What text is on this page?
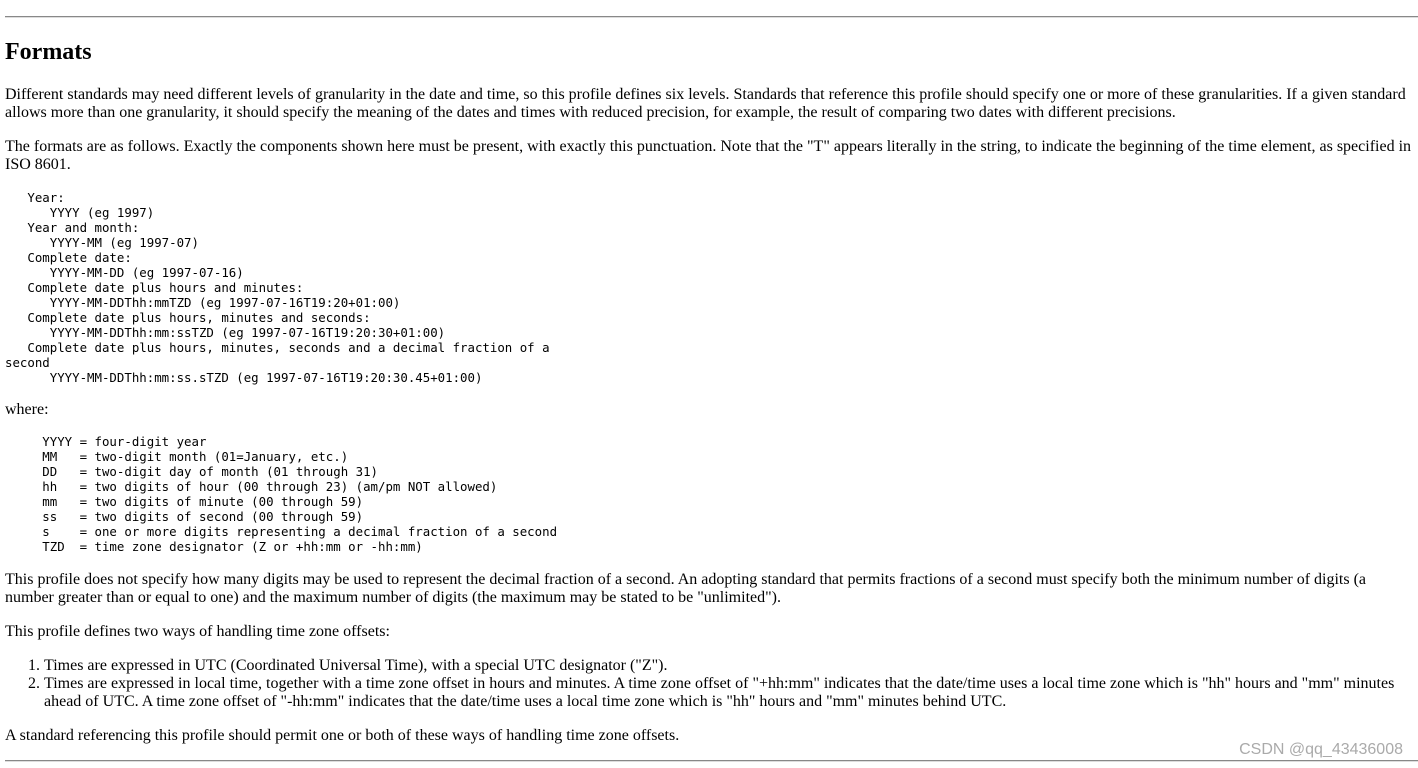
Formats

Different standards may need different levels of granularity in the date and time, so this profile defines six levels. Standards that reference this profile should specify one or more of these granularities. If a given standard allows more than one granularity, it should specify the meaning of the dates and times with reduced precision, for example, the result of comparing two dates with different precisions.

The formats are as follows. Exactly the components shown here must be present, with exactly this punctuation. Note that the "T" appears literally in the string, to indicate the beginning of the time element, as specified in ISO 8601.

Year:
YYYY (eg 1997)
Year and month:
YYYY-MM (eg 1997-07)
Complete date:
YYYY-MM-DD (eg 1997-07-16)
Complete date plus hours and minutes:
YYYY-MM-DDThh:mmTZD (eg 1997-07-16T19:20+01:00)
Complete date plus hours, minutes and seconds:
YYYY-MM-DDThh:mm:ssTZD (eg 1997-07-16T19:20:30+01:00)
Complete date plus hours, minutes, seconds and a decimal fraction of a
second
YYYY-MM-DDThh:mm:ss.sTZD (eg 1997-07-16T19:20:30.45+01:00)

where:

YYYY = four-digit year
MM   = two-digit month (01=January, etc.)
DD   = two-digit day of month (01 through 31)
hh   = two digits of hour (00 through 23) (am/pm NOT allowed)
mm   = two digits of minute (00 through 59)
ss   = two digits of second (00 through 59)
s    = one or more digits representing a decimal fraction of a second
TZD  = time zone designator (Z or +hh:mm or -hh:mm)

This profile does not specify how many digits may be used to represent the decimal fraction of a second. An adopting standard that permits fractions of a second must specify both the minimum number of digits (a number greater than or equal to one) and the maximum number of digits (the maximum may be stated to be "unlimited").

This profile defines two ways of handling time zone offsets:

1. Times are expressed in UTC (Coordinated Universal Time), with a special UTC designator ("Z").
2. Times are expressed in local time, together with a time zone offset in hours and minutes. A time zone offset of "+hh:mm" indicates that the date/time uses a local time zone which is "hh" hours and "mm" minutes ahead of UTC. A time zone offset of "-hh:mm" indicates that the date/time uses a local time zone which is "hh" hours and "mm" minutes behind UTC.

A standard referencing this profile should permit one or both of these ways of handling time zone offsets.

CSDN @qq_43436008
